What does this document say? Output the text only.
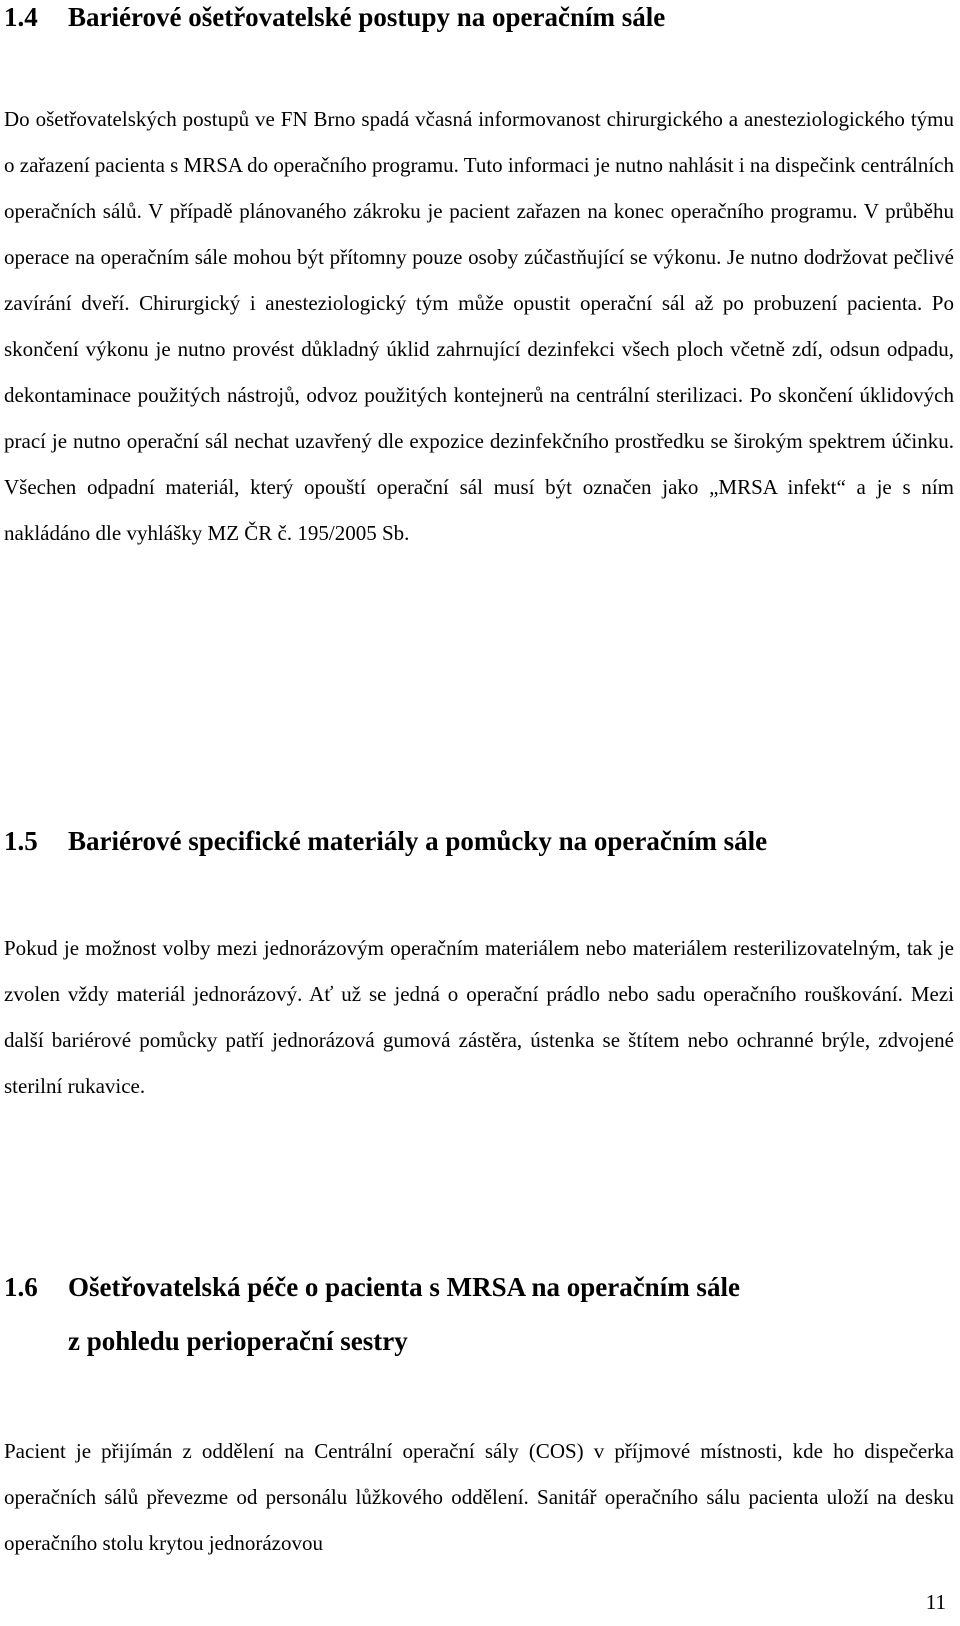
1.4 Bariérové ošetřovatelské postupy na operačním sále

Do ošetřovatelských postupů ve FN Brno spadá včasná informovanost chirurgického a anesteziologického týmu o zařazení pacienta s MRSA do operačního programu. Tuto informaci je nutno nahlásit i na dispečink centrálních operačních sálů. V případě plánovaného zákroku je pacient zařazen na konec operačního programu. V průběhu operace na operačním sále mohou být přítomny pouze osoby zúčastňující se výkonu. Je nutno dodržovat pečlivé zavírání dveří. Chirurgický i anesteziologický tým může opustit operační sál až po probuzení pacienta. Po skončení výkonu je nutno provést důkladný úklid zahrnující dezinfekci všech ploch včetně zdí, odsun odpadu, dekontaminace použitých nástrojů, odvoz použitých kontejnerů na centrální sterilizaci. Po skončení úklidových prací je nutno operační sál nechat uzavřený dle expozice dezinfekčního prostředku se širokým spektrem účinku. Všechen odpadní materiál, který opouští operační sál musí být označen jako „MRSA infekt“ a je s ním nakládáno dle vyhlášky MZ ČR č. 195/2005 Sb.

1.5 Bariérové specifické materiály a pomůcky na operačním sále

Pokud je možnost volby mezi jednorázovým operačním materiálem nebo materiálem resterilizovatelným, tak je zvolen vždy materiál jednorázový. Ať už se jedná o operační prádlo nebo sadu operačního rouškování. Mezi další bariérové pomůcky patří jednorázová gumová zástěra, ústenka se štítem nebo ochranné brýle, zdvojené sterilní rukavice.

1.6 Ošetřovatelská péče o pacienta s MRSA na operačním sále
z pohledu perioperační sestry

Pacient je přijímán z oddělení na Centrální operační sály (COS) v příjmové místnosti, kde ho dispečerka operačních sálů převezme od personálu lůžkového oddělení. Sanitář operačního sálu pacienta uloží na desku operačního stolu krytou jednorázovou

11
